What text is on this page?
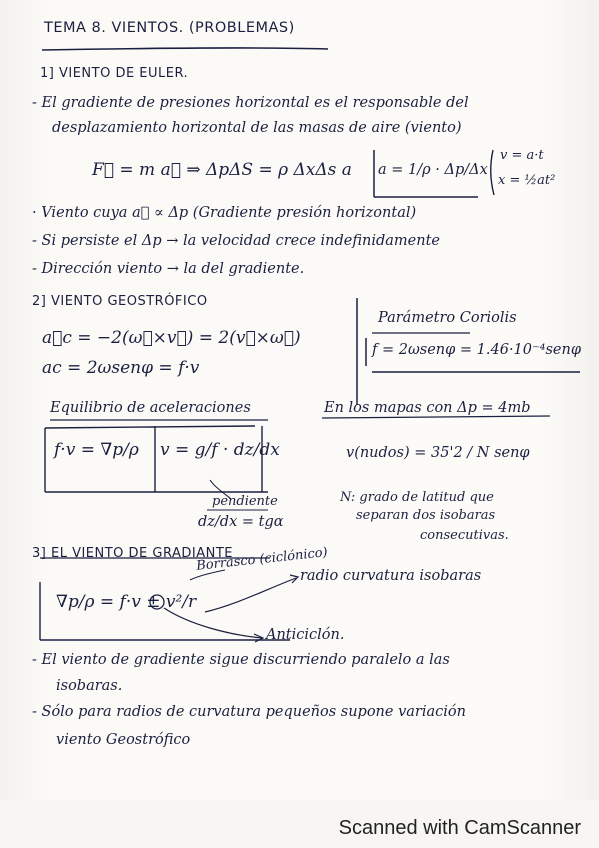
TEMA 8. VIENTOS. (PROBLEMAS)
1] VIENTO DE EULER.
- El gradiente de presiones horizontal es el responsable del
desplazamiento horizontal de las masas de aire (viento)
F⃗ = m a⃗ ⇒ ΔpΔS = ρ ΔxΔs a a = 1/ρ · Δp/Δx
v = a·t
x = ½at²
· Viento cuya a⃗ ∝ Δp (Gradiente presión horizontal)
- Si persiste el Δp → la velocidad crece indefinidamente
- Dirección viento → la del gradiente.
2] VIENTO GEOSTRÓFICO
a⃗c = −2(ω⃗×v⃗) = 2(v⃗×ω⃗)
ac = 2ωsenφ = f·v
Parámetro Coriolis
f = 2ωsenφ = 1.46·10⁻⁴senφ
Equilibrio de aceleraciones
f·v = ∇p/ρ v = g/f · dz/dx
pendiente
dz/dx = tgα
En los mapas con Δp = 4mb
v(nudos) = 35'2 / N senφ
N: grado de latitud que
separan dos isobaras
consecutivas.
3] EL VIENTO DE GRADIANTE
Borrasco (ciclónico)
∇p/ρ = f·v ± v²/r
radio curvatura isobaras
Anticiclón.
- El viento de gradiente sigue discurriendo paralelo a las
isobaras.
- Sólo para radios de curvatura pequeños supone variación
viento Geostrófico
Scanned with CamScanner
